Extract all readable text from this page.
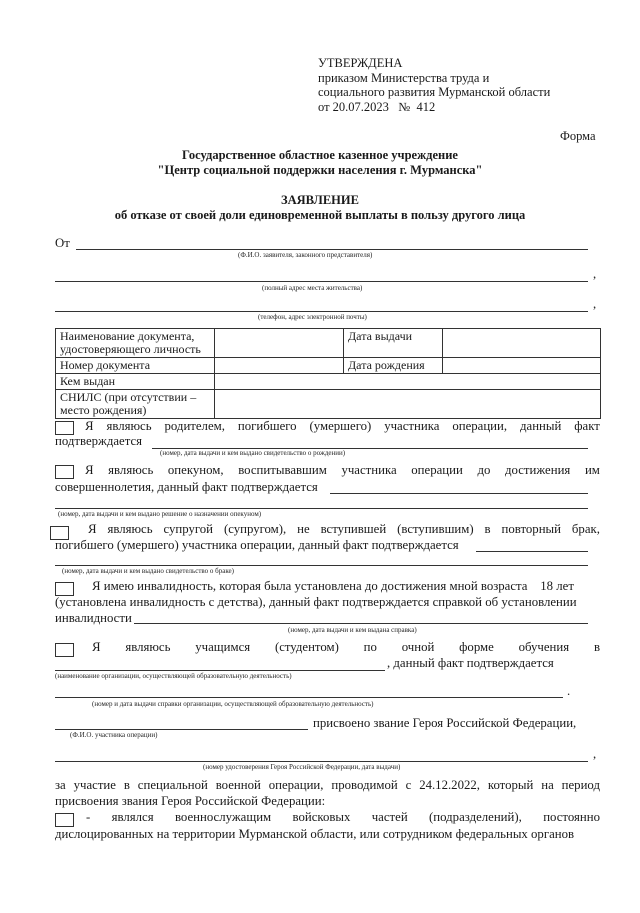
УТВЕРЖДЕНА
приказом Министерства труда и
социального развития Мурманской области
от 20.07.2023   №  412
Форма
Государственное областное казенное учреждение
"Центр социальной поддержки населения г. Мурманска"
ЗАЯВЛЕНИЕ
об отказе от своей доли единовременной выплаты в пользу другого лица
От
(Ф.И.О. заявителя, законного представителя)
,
(полный адрес места жительства)
,
(телефон, адрес электронной почты)
Наименование документа, удостоверяющего личность		Дата выдачи	
Номер документа		Дата рождения	
Кем выдан			
СНИЛС (при отсутствии – место рождения)			
Я являюсь родителем, погибшего (умершего) участника операции, данный факт
подтверждается
(номер, дата выдачи и кем выдано свидетельство о рождении)
Я являюсь опекуном, воспитывавшим участника операции до достижения им
совершеннолетия, данный факт подтверждается
(номер, дата выдачи и кем выдано решение о назначении опекуном)
Я являюсь супругой (супругом), не вступившей (вступившим) в повторный брак,
погибшего (умершего) участника операции, данный факт подтверждается
(номер, дата выдачи и кем выдано свидетельство о браке)
Я имею инвалидность, которая была установлена до достижения мной возраста    18 лет
(установлена инвалидность с детства), данный факт подтверждается справкой об установлении
инвалидности
(номер, дата выдачи и кем выдана справка)
Я являюсь учащимся (студентом) по очной форме обучения в
, данный факт подтверждается
(наименование организации, осуществляющей образовательную деятельность)
.
(номер и дата выдачи справки организации, осуществляющей образовательную деятельность)
присвоено звание Героя Российской Федерации,
(Ф.И.О. участника операции)
,
(номер удостоверения Героя Российской Федерации, дата выдачи)
за участие в специальной военной операции, проводимой с 24.12.2022, который на период
присвоения звания Героя Российской Федерации:
- являлся военнослужащим войсковых частей (подразделений), постоянно
дислоцированных на территории Мурманской области, или сотрудником федеральных органов
